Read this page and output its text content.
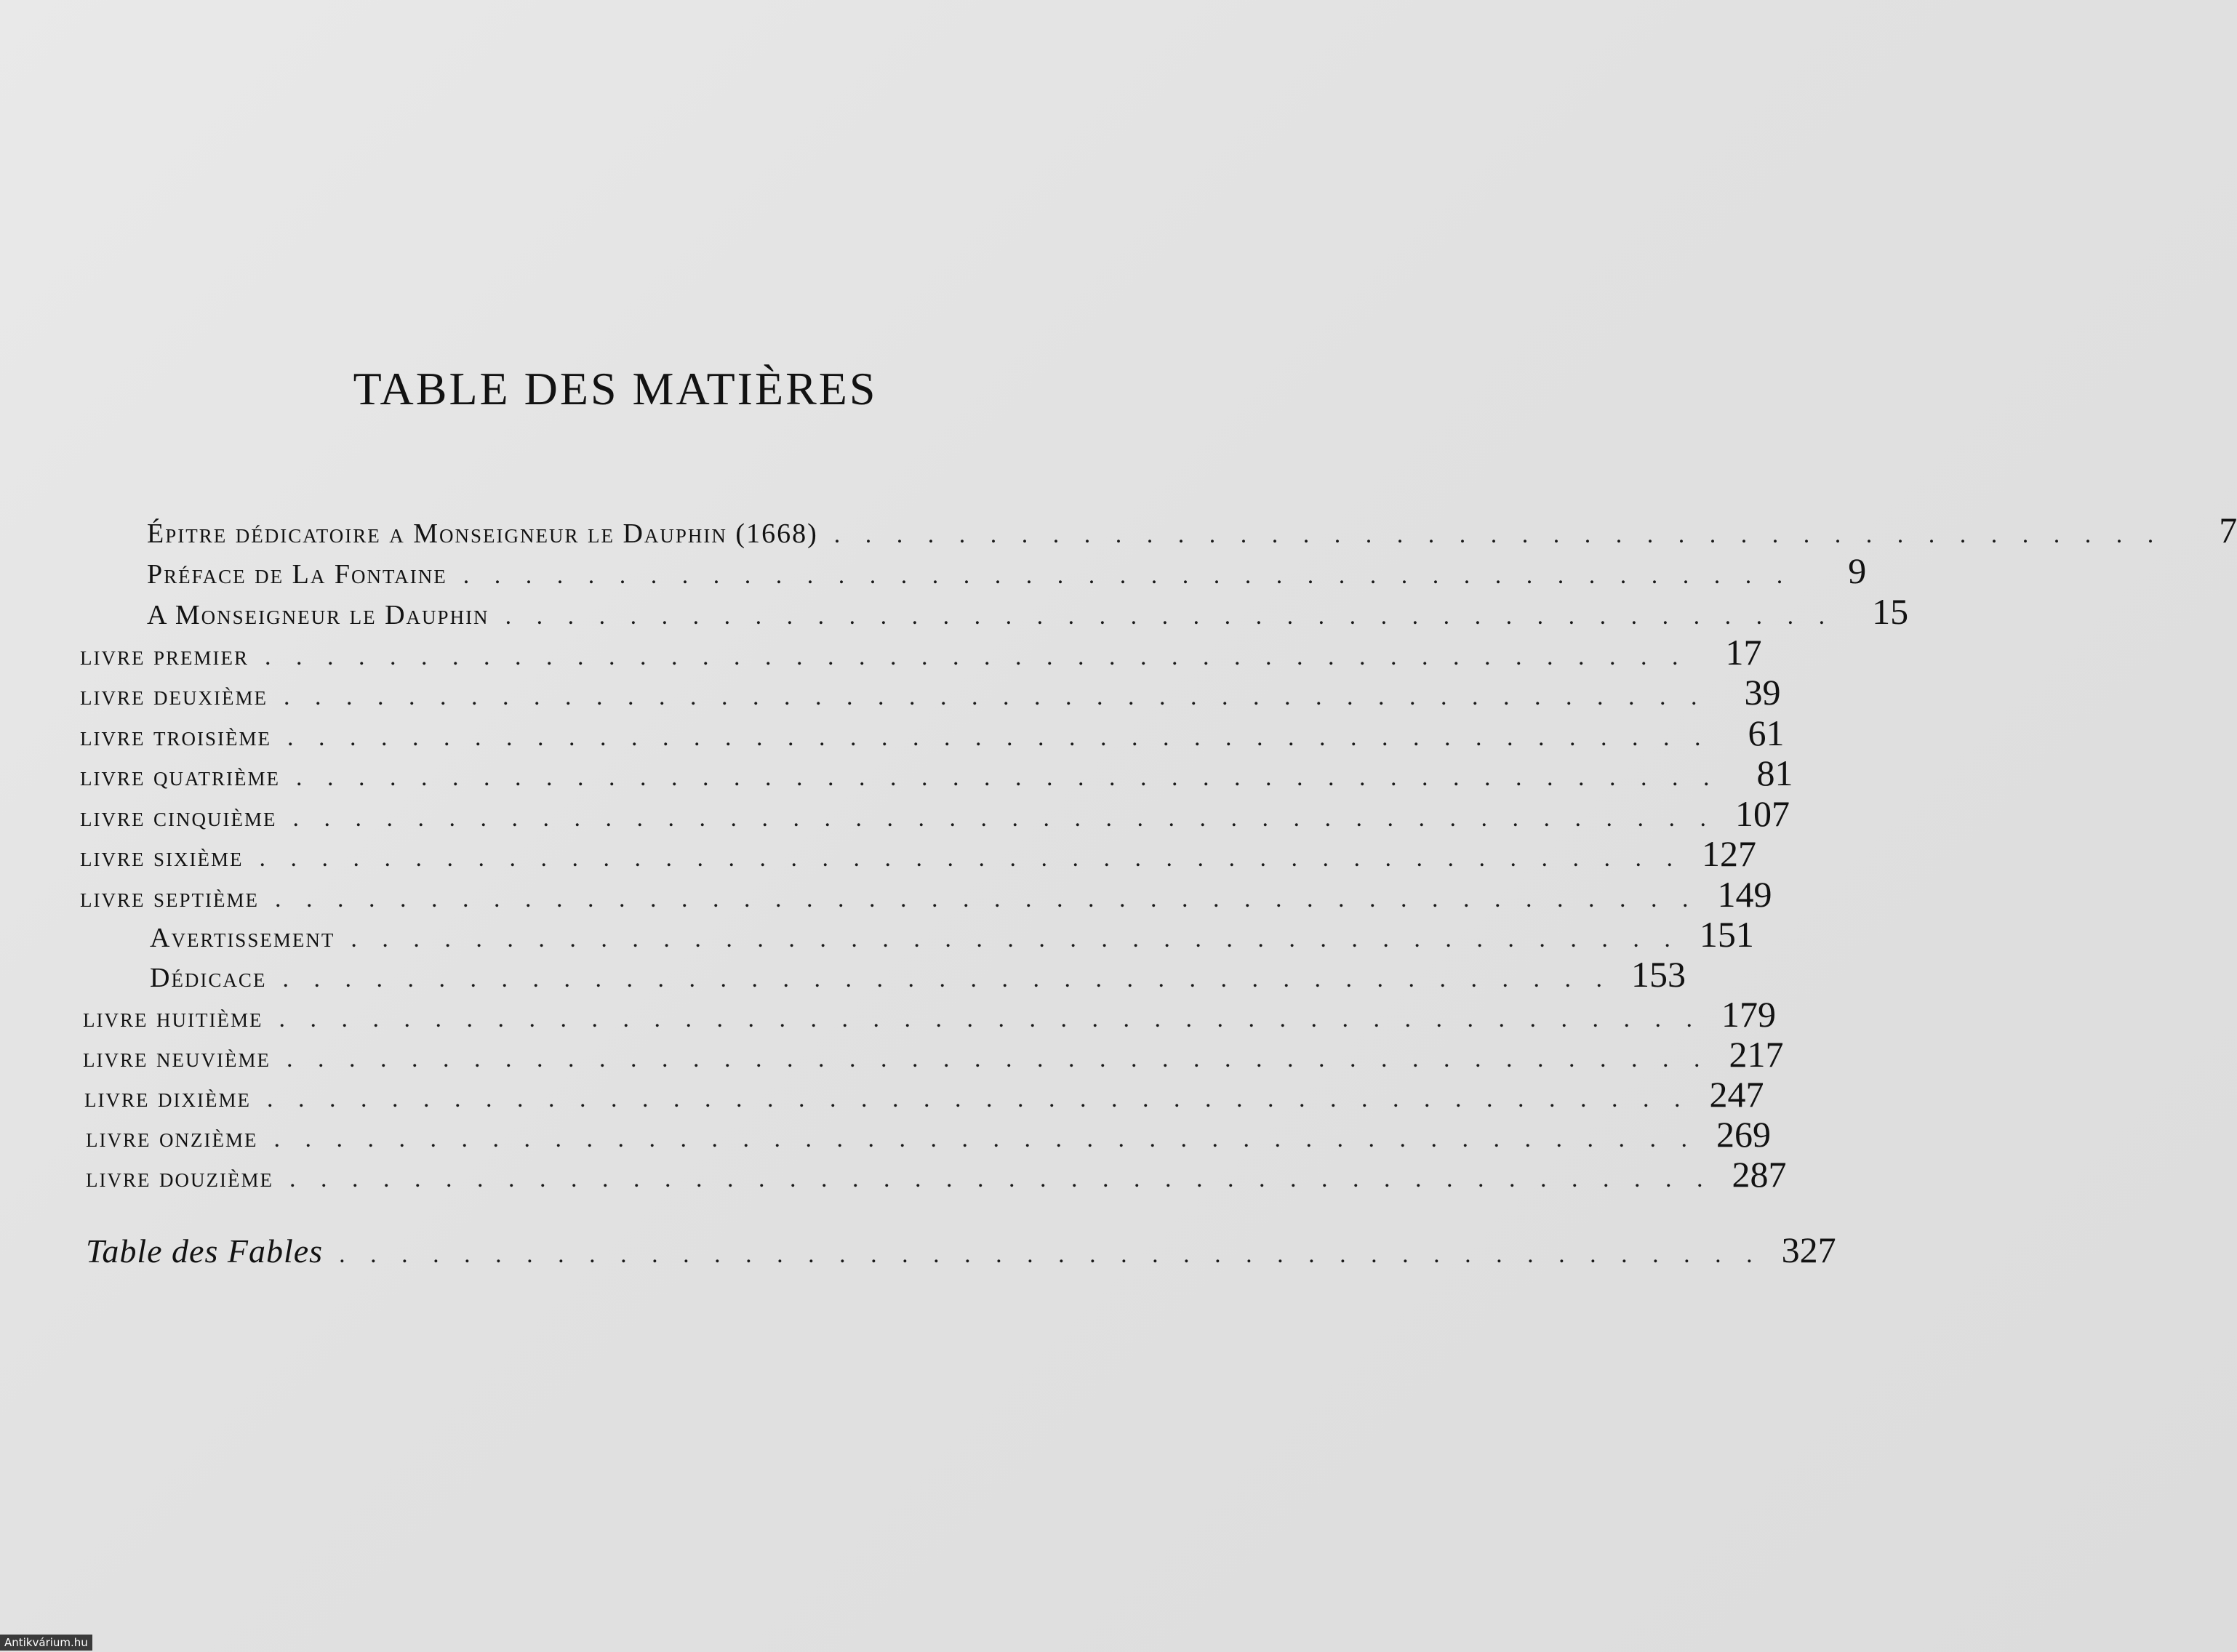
TABLE DES MATIÈRES
Épitre dédicatoire a Monseigneur le Dauphin (1668) . . . . . . . . . . . . . . . . . . . . . . . . . . . . . . . . . . . . . . . . . . .	7
Préface de La Fontaine . . . . . . . . . . . . . . . . . . . . . . . . . . . . . . . . . . . . . . . . . . .	9
A Monseigneur le Dauphin . . . . . . . . . . . . . . . . . . . . . . . . . . . . . . . . . . . . . . . . . . .	15
livre premier . . . . . . . . . . . . . . . . . . . . . . . . . . . . . . . . . . . . . . . . . . . . . .	17
livre deuxième . . . . . . . . . . . . . . . . . . . . . . . . . . . . . . . . . . . . . . . . . . . . . .	39
livre troisième . . . . . . . . . . . . . . . . . . . . . . . . . . . . . . . . . . . . . . . . . . . . . .	61
livre quatrième . . . . . . . . . . . . . . . . . . . . . . . . . . . . . . . . . . . . . . . . . . . . . .	81
livre cinquième . . . . . . . . . . . . . . . . . . . . . . . . . . . . . . . . . . . . . . . . . . . . . . 107
livre sixième . . . . . . . . . . . . . . . . . . . . . . . . . . . . . . . . . . . . . . . . . . . . . . 127
livre septième . . . . . . . . . . . . . . . . . . . . . . . . . . . . . . . . . . . . . . . . . . . . . . 149
Avertissement . . . . . . . . . . . . . . . . . . . . . . . . . . . . . . . . . . . . . . . . . . . 151
Dédicace . . . . . . . . . . . . . . . . . . . . . . . . . . . . . . . . . . . . . . . . . . . 153
livre huitième . . . . . . . . . . . . . . . . . . . . . . . . . . . . . . . . . . . . . . . . . . . . . . 179
livre neuvième . . . . . . . . . . . . . . . . . . . . . . . . . . . . . . . . . . . . . . . . . . . . . . 217
livre dixième . . . . . . . . . . . . . . . . . . . . . . . . . . . . . . . . . . . . . . . . . . . . . . 247
livre onzième . . . . . . . . . . . . . . . . . . . . . . . . . . . . . . . . . . . . . . . . . . . . . . 269
livre douzième . . . . . . . . . . . . . . . . . . . . . . . . . . . . . . . . . . . . . . . . . . . . . . 287
Table des Fables . . . . . . . . . . . . . . . . . . . . . . . . . . . . . . . . . . . . . . . . . . . . . . 327
Antikvárium.hu
